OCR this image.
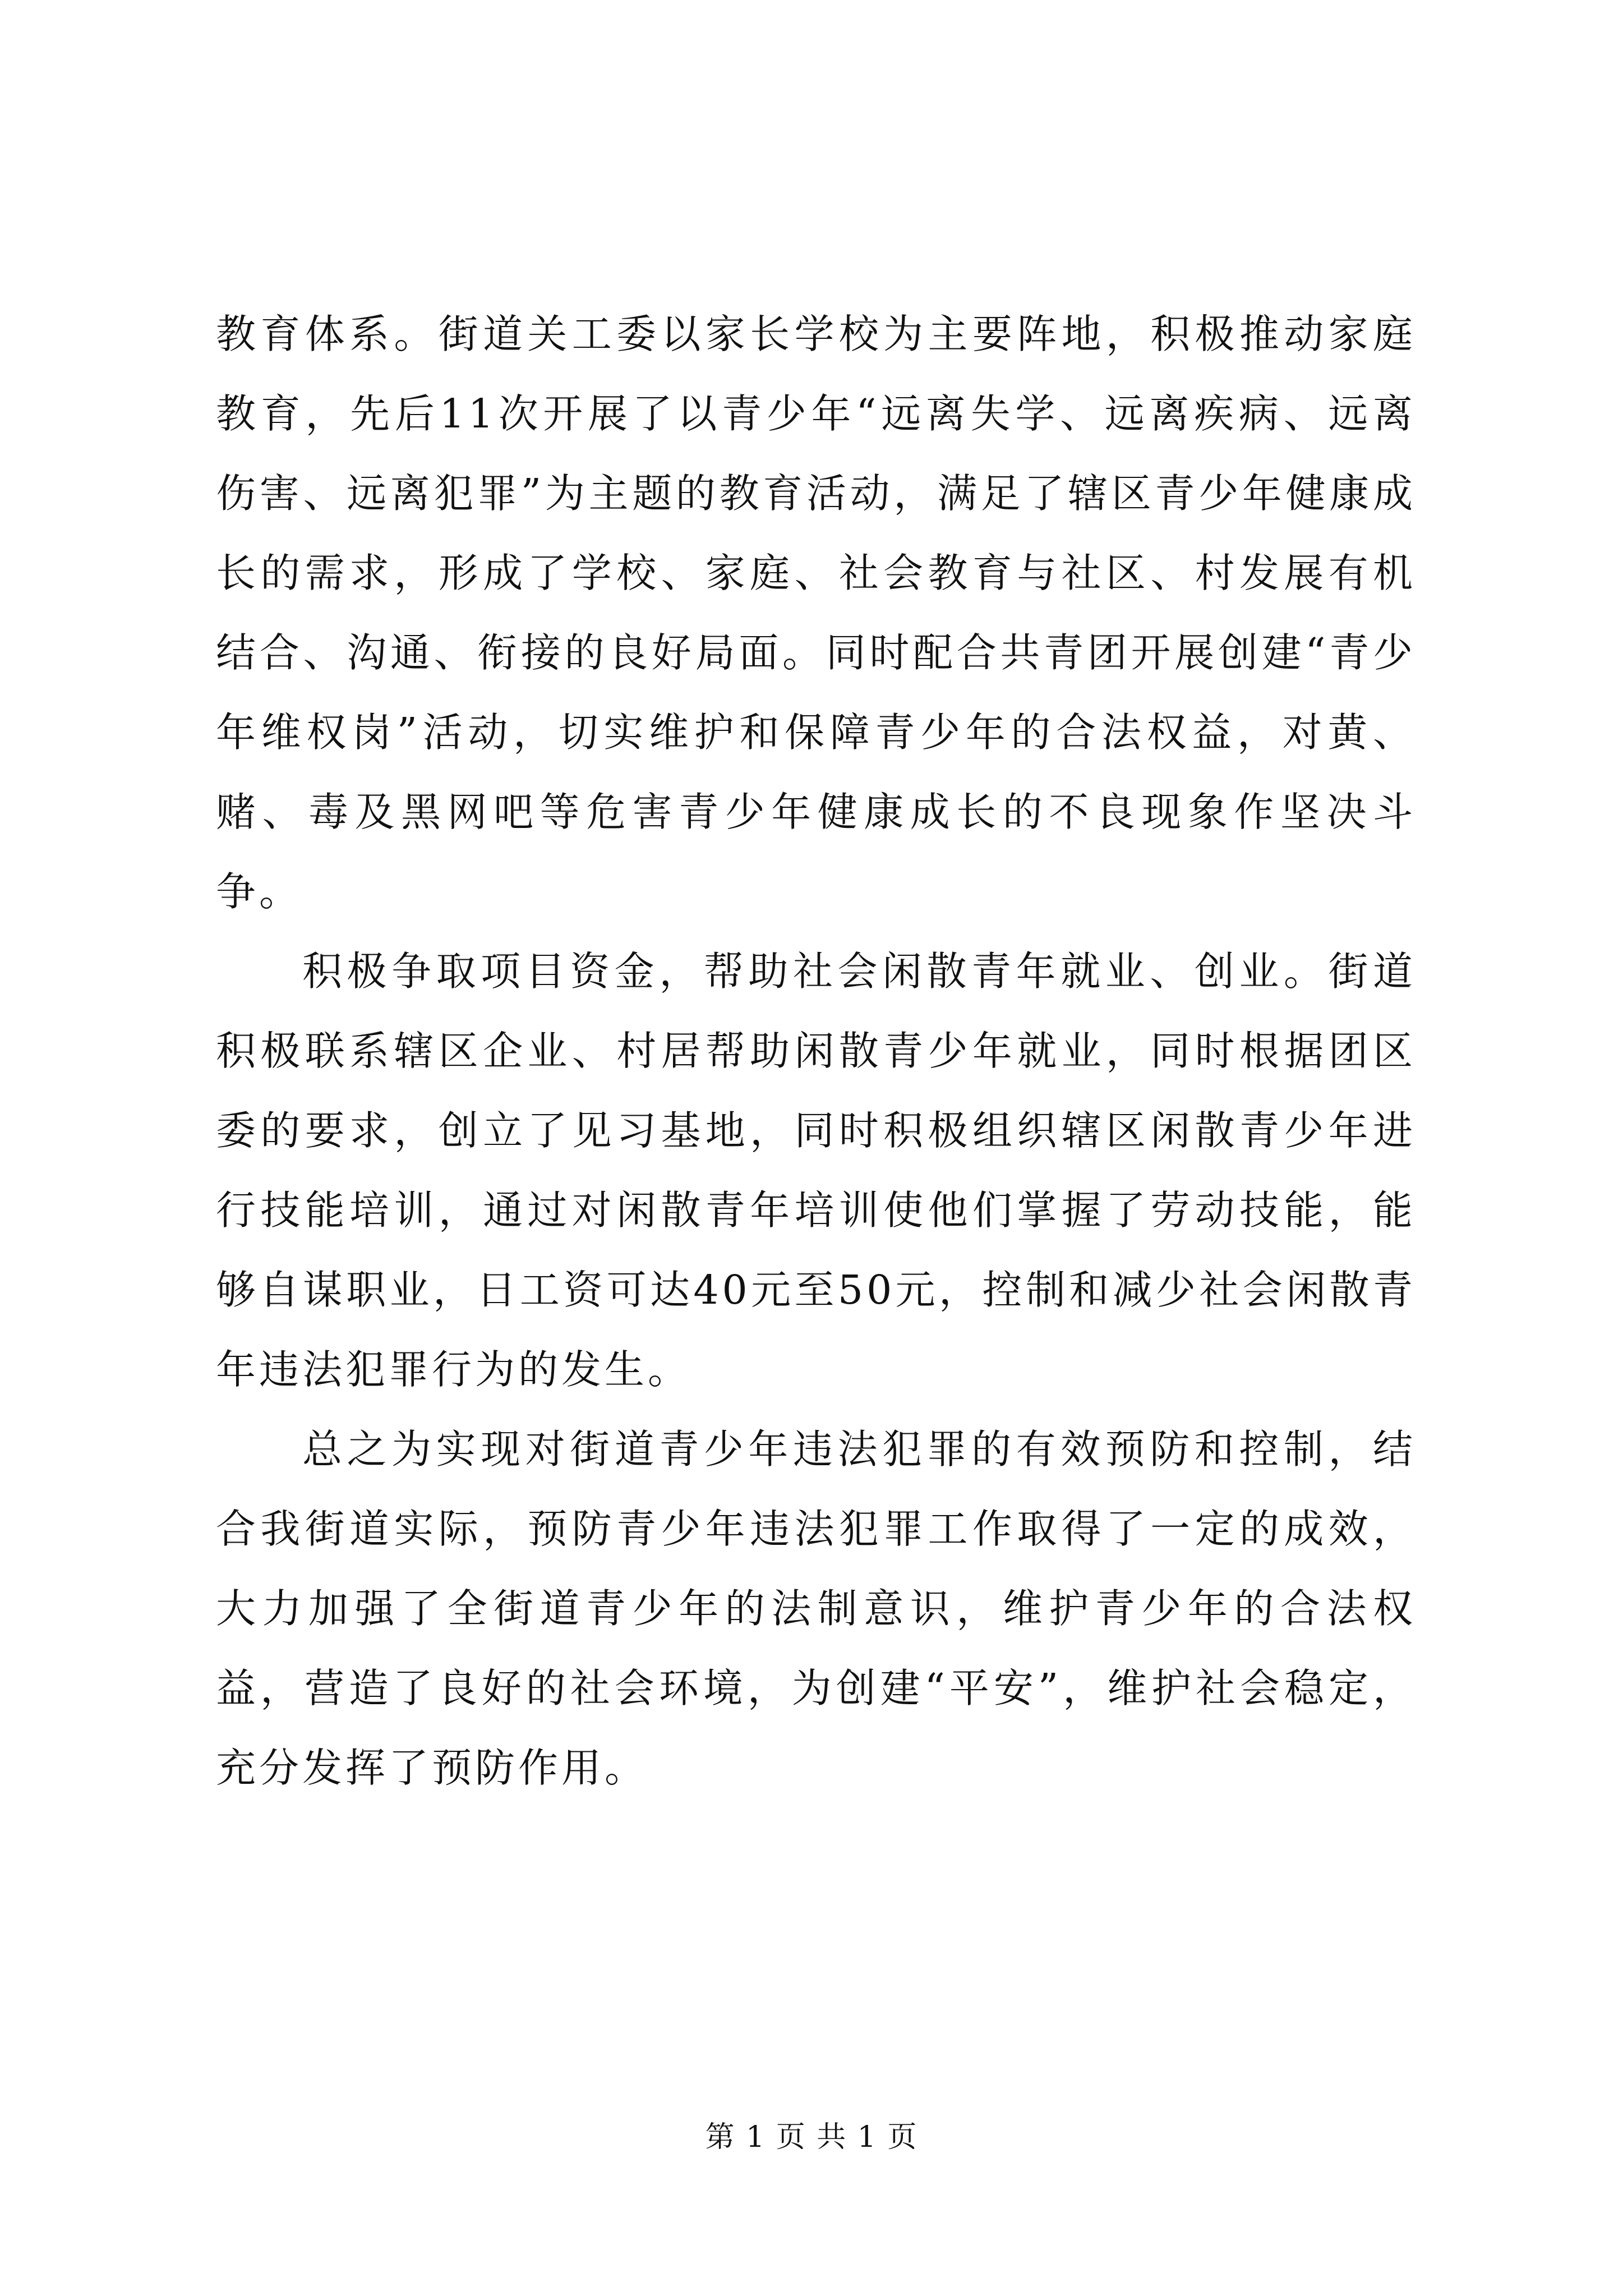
教育体系。街道关工委以家长学校为主要阵地，积极推动家庭教育，先后11次开展了以青少年“远离失学、远离疾病、远离伤害、远离犯罪”为主题的教育活动，满足了辖区青少年健康成长的需求，形成了学校、家庭、社会教育与社区、村发展有机结合、沟通、衔接的良好局面。同时配合共青团开展创建“青少年维权岗”活动，切实维护和保障青少年的合法权益，对黄、赌、毒及黑网吧等危害青少年健康成长的不良现象作坚决斗争。

积极争取项目资金，帮助社会闲散青年就业、创业。街道积极联系辖区企业、村居帮助闲散青少年就业，同时根据团区委的要求，创立了见习基地，同时积极组织辖区闲散青少年进行技能培训，通过对闲散青年培训使他们掌握了劳动技能，能够自谋职业，日工资可达40元至50元，控制和减少社会闲散青年违法犯罪行为的发生。

总之为实现对街道青少年违法犯罪的有效预防和控制，结合我街道实际，预防青少年违法犯罪工作取得了一定的成效，大力加强了全街道青少年的法制意识，维护青少年的合法权益，营造了良好的社会环境，为创建“平安”，维护社会稳定，充分发挥了预防作用。

第 1 页 共 1 页
